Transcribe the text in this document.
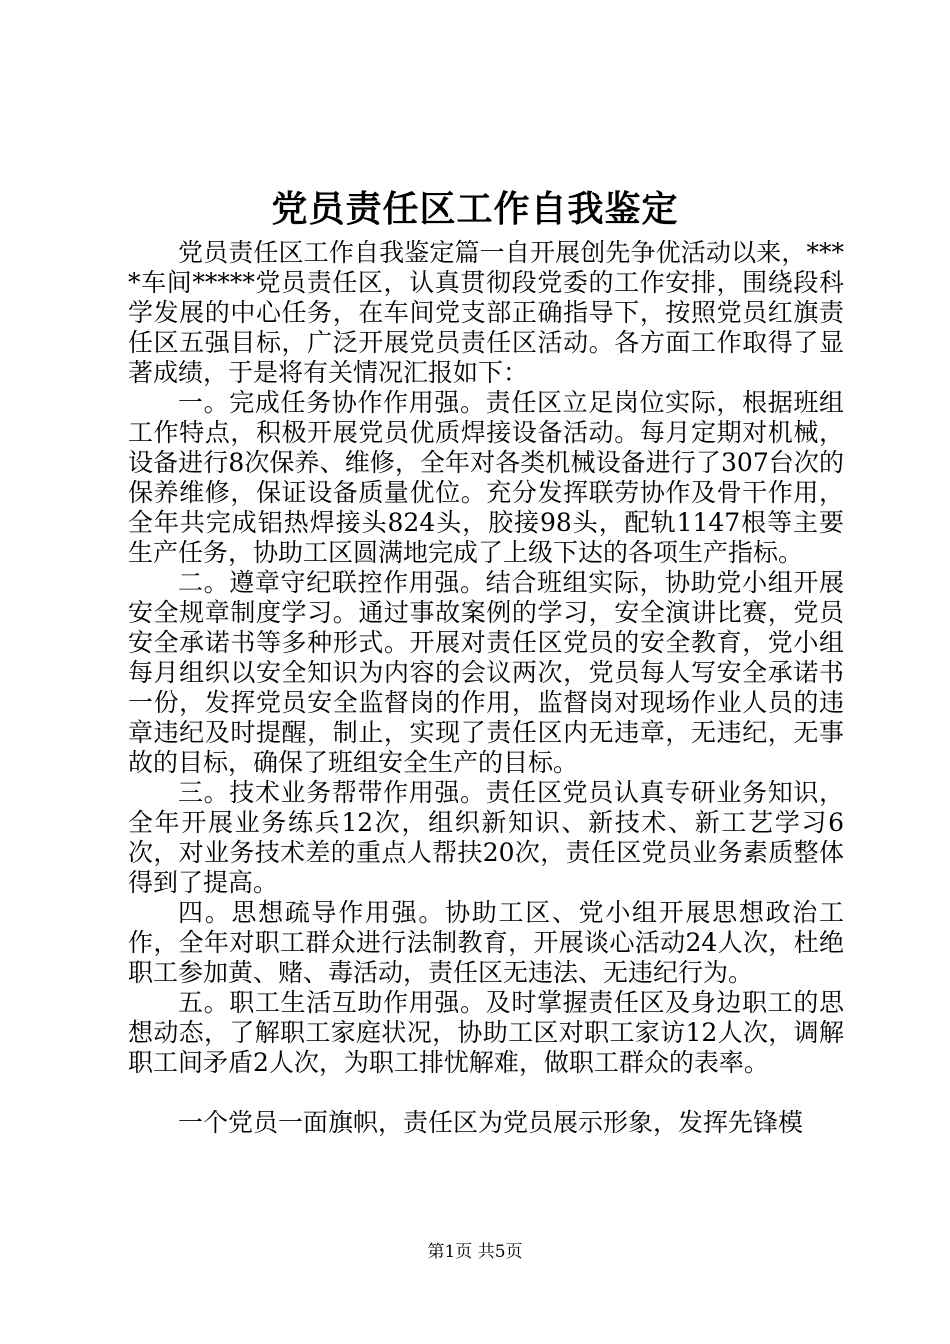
党员责任区工作自我鉴定

党员责任区工作自我鉴定篇一自开展创先争优活动以来，****车间*****党员责任区，认真贯彻段党委的工作安排，围绕段科学发展的中心任务，在车间党支部正确指导下，按照党员红旗责任区五强目标，广泛开展党员责任区活动。各方面工作取得了显著成绩，于是将有关情况汇报如下：

一。完成任务协作作用强。责任区立足岗位实际，根据班组工作特点，积极开展党员优质焊接设备活动。每月定期对机械，设备进行8次保养、维修，全年对各类机械设备进行了307台次的保养维修，保证设备质量优位。充分发挥联劳协作及骨干作用，全年共完成铝热焊接头824头，胶接98头，配轨1147根等主要生产任务，协助工区圆满地完成了上级下达的各项生产指标。

二。遵章守纪联控作用强。结合班组实际，协助党小组开展安全规章制度学习。通过事故案例的学习，安全演讲比赛，党员安全承诺书等多种形式。开展对责任区党员的安全教育，党小组每月组织以安全知识为内容的会议两次，党员每人写安全承诺书一份，发挥党员安全监督岗的作用，监督岗对现场作业人员的违章违纪及时提醒，制止，实现了责任区内无违章，无违纪，无事故的目标，确保了班组安全生产的目标。

三。技术业务帮带作用强。责任区党员认真专研业务知识，全年开展业务练兵12次，组织新知识、新技术、新工艺学习6次，对业务技术差的重点人帮扶20次，责任区党员业务素质整体得到了提高。

四。思想疏导作用强。协助工区、党小组开展思想政治工作，全年对职工群众进行法制教育，开展谈心活动24人次，杜绝职工参加黄、赌、毒活动，责任区无违法、无违纪行为。

五。职工生活互助作用强。及时掌握责任区及身边职工的思想动态，了解职工家庭状况，协助工区对职工家访12人次，调解职工间矛盾2人次，为职工排忧解难，做职工群众的表率。

一个党员一面旗帜，责任区为党员展示形象，发挥先锋模

第1页 共5页
